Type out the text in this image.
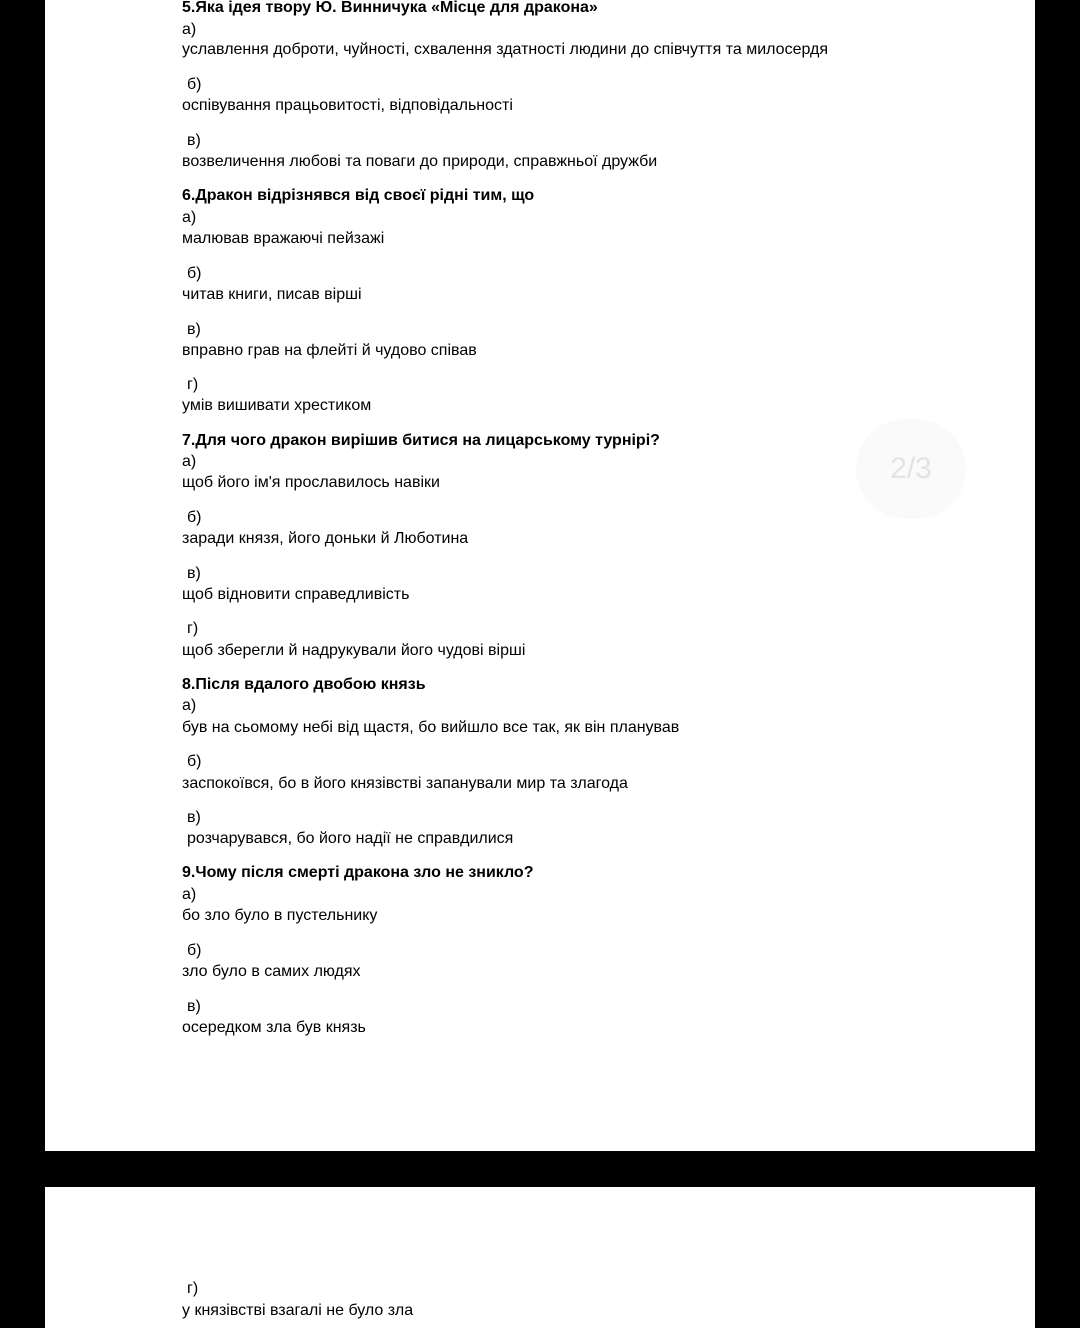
5.Яка ідея твору Ю. Винничука «Місце для дракона»
а)
уславлення доброти, чуйності, схвалення здатності людини до співчуття та милосердя
б)
оспівування працьовитості, відповідальності
в)
возвеличення любові та поваги до природи, справжньої дружби
6.Дракон відрізнявся від своєї рідні тим, що
а)
малював вражаючі пейзажі
б)
читав книги, писав вірші
в)
вправно грав на флейті й чудово співав
г)
умів вишивати хрестиком
7.Для чого дракон вирішив битися на лицарському турнірі?
а)
щоб його ім'я прославилось навіки
б)
заради князя, його доньки й Люботина
в)
щоб відновити справедливість
г)
щоб зберегли й надрукували його чудові вірші
8.Після вдалого двобою князь
а)
був на сьомому небі від щастя, бо вийшло все так, як він планував
б)
заспокоївся, бо в його князівстві запанували мир та злагода
в)
розчарувався, бо його надії не справдилися
9.Чому після смерті дракона зло не зникло?
а)
бо зло було в пустельнику
б)
зло було в самих людях
в)
осередком зла був князь
2/3
г)
у князівстві взагалі не було зла
